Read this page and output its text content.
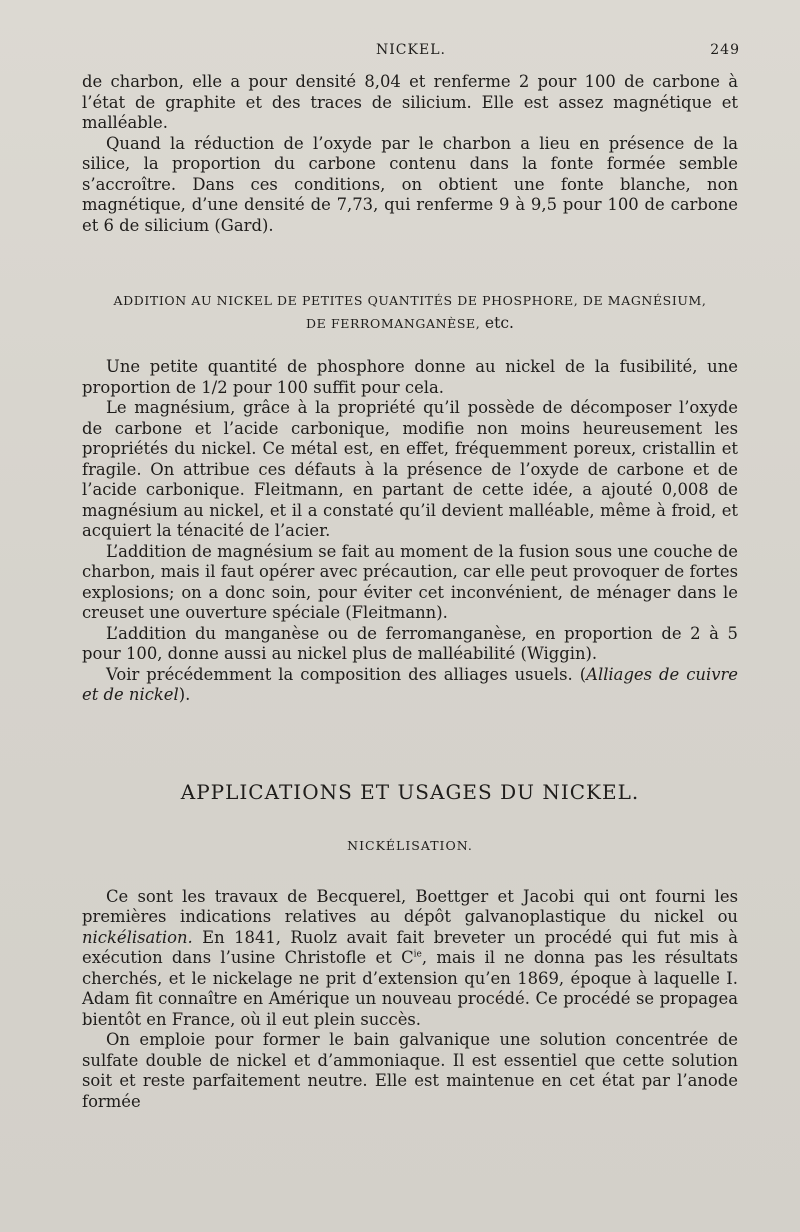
NICKEL.	249

de charbon, elle a pour densité 8,04 et renferme 2 pour 100 de carbone à l’état de graphite et des traces de silicium. Elle est assez magnétique et malléable.

Quand la réduction de l’oxyde par le charbon a lieu en présence de la silice, la proportion du carbone contenu dans la fonte formée semble s’accroître. Dans ces conditions, on obtient une fonte blanche, non magnétique, d’une densité de 7,73, qui renferme 9 à 9,5 pour 100 de carbone et 6 de silicium (Gard).

ADDITION AU NICKEL DE PETITES QUANTITÉS DE PHOSPHORE, DE MAGNÉSIUM,
DE FERROMANGANÈSE, etc.

Une petite quantité de phosphore donne au nickel de la fusibilité, une proportion de 1/2 pour 100 suffit pour cela.

Le magnésium, grâce à la propriété qu’il possède de décomposer l’oxyde de carbone et l’acide carbonique, modifie non moins heureusement les propriétés du nickel. Ce métal est, en effet, fréquemment poreux, cristallin et fragile. On attribue ces défauts à la présence de l’oxyde de carbone et de l’acide carbonique. Fleitmann, en partant de cette idée, a ajouté 0,008 de magnésium au nickel, et il a constaté qu’il devient malléable, même à froid, et acquiert la ténacité de l’acier.

L’addition de magnésium se fait au moment de la fusion sous une couche de charbon, mais il faut opérer avec précaution, car elle peut provoquer de fortes explosions; on a donc soin, pour éviter cet inconvénient, de ménager dans le creuset une ouverture spéciale (Fleitmann).

L’addition du manganèse ou de ferromanganèse, en proportion de 2 à 5 pour 100, donne aussi au nickel plus de malléabilité (Wiggin).

Voir précédemment la composition des alliages usuels. (Alliages de cuivre et de nickel).

APPLICATIONS ET USAGES DU NICKEL.
NICKÉLISATION.

Ce sont les travaux de Becquerel, Boettger et Jacobi qui ont fourni les premières indications relatives au dépôt galvanoplastique du nickel ou nickélisation. En 1841, Ruolz avait fait breveter un procédé qui fut mis à exécution dans l’usine Christofle et $C^{ie}$, mais il ne donna pas les résultats cherchés, et le nickelage ne prit d’extension qu’en 1869, époque à laquelle I. Adam fit connaître en Amérique un nouveau procédé. Ce procédé se propagea bientôt en France, où il eut plein succès.

On emploie pour former le bain galvanique une solution concentrée de sulfate double de nickel et d’ammoniaque. Il est essentiel que cette solution soit et reste parfaitement neutre. Elle est maintenue en cet état par l’anode formée
